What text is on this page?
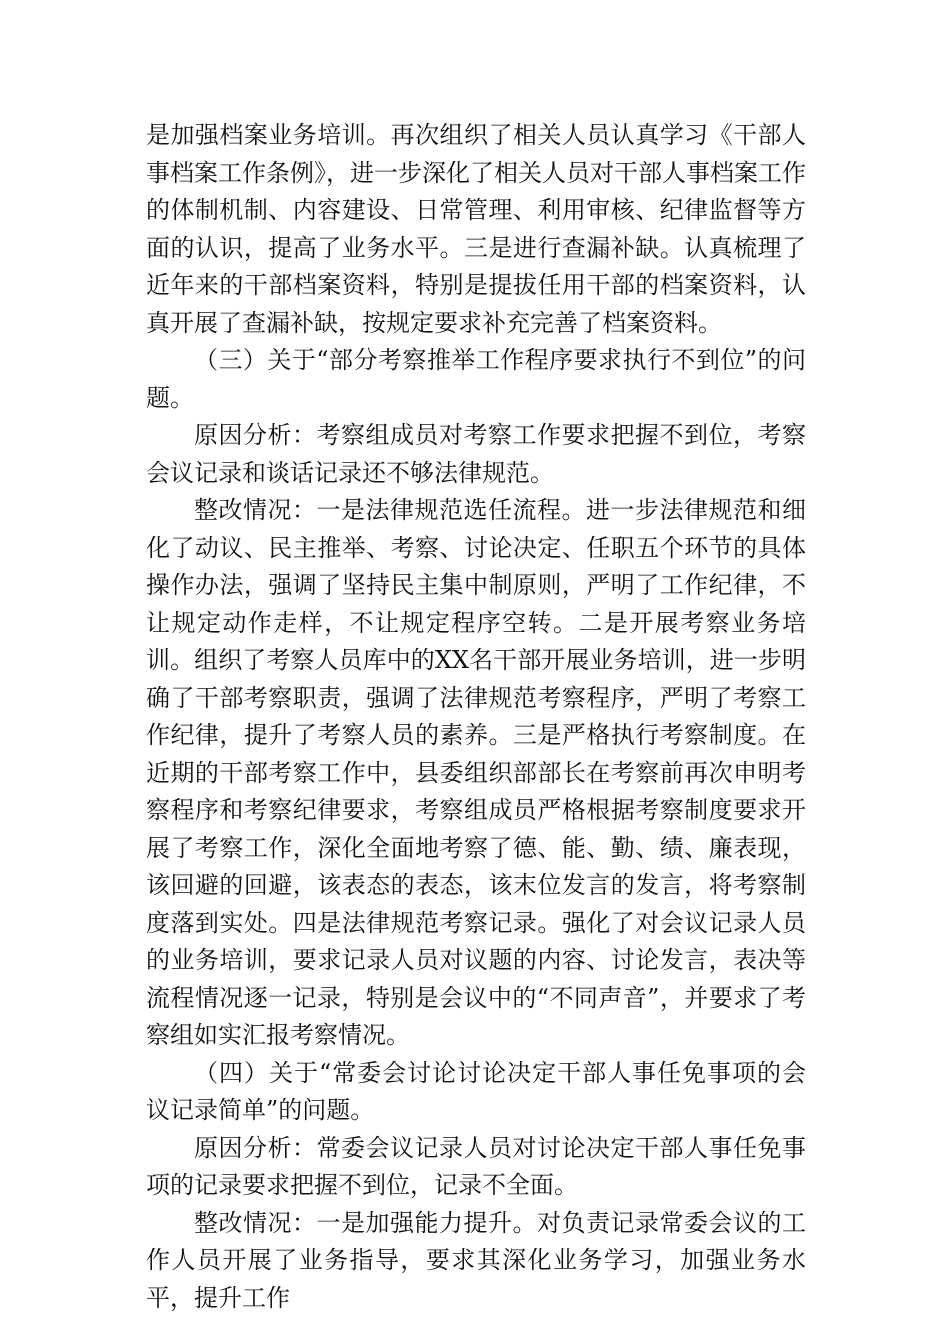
是加强档案业务培训。再次组织了相关人员认真学习《干部人事档案工作条例》，进一步深化了相关人员对干部人事档案工作的体制机制、内容建设、日常管理、利用审核、纪律监督等方面的认识，提高了业务水平。三是进行查漏补缺。认真梳理了近年来的干部档案资料，特别是提拔任用干部的档案资料，认真开展了查漏补缺，按规定要求补充完善了档案资料。

（三）关于“部分考察推举工作程序要求执行不到位”的问题。

原因分析：考察组成员对考察工作要求把握不到位，考察会议记录和谈话记录还不够法律规范。

整改情况：一是法律规范选任流程。进一步法律规范和细化了动议、民主推举、考察、讨论决定、任职五个环节的具体操作办法，强调了坚持民主集中制原则，严明了工作纪律，不让规定动作走样，不让规定程序空转。二是开展考察业务培训。组织了考察人员库中的XX名干部开展业务培训，进一步明确了干部考察职责，强调了法律规范考察程序，严明了考察工作纪律，提升了考察人员的素养。三是严格执行考察制度。在近期的干部考察工作中，县委组织部部长在考察前再次申明考察程序和考察纪律要求，考察组成员严格根据考察制度要求开展了考察工作，深化全面地考察了德、能、勤、绩、廉表现，该回避的回避，该表态的表态，该末位发言的发言，将考察制度落到实处。四是法律规范考察记录。强化了对会议记录人员的业务培训，要求记录人员对议题的内容、讨论发言，表决等流程情况逐一记录，特别是会议中的“不同声音”，并要求了考察组如实汇报考察情况。

（四）关于“常委会讨论讨论决定干部人事任免事项的会议记录简单”的问题。

原因分析：常委会议记录人员对讨论决定干部人事任免事项的记录要求把握不到位，记录不全面。

整改情况：一是加强能力提升。对负责记录常委会议的工作人员开展了业务指导，要求其深化业务学习，加强业务水平，提升工作
